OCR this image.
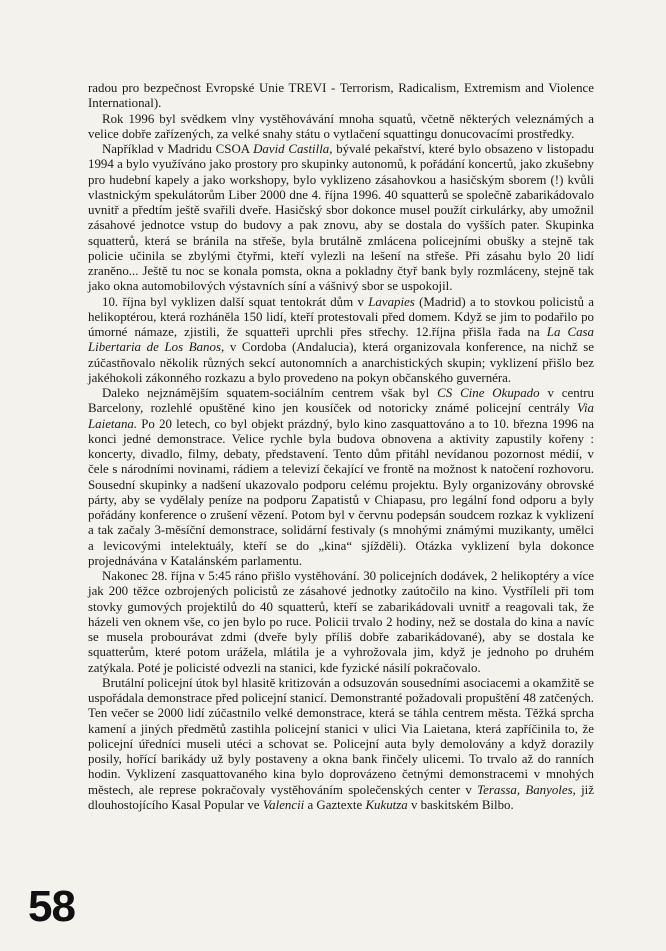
radou pro bezpečnost Evropské Unie TREVI - Terrorism, Radicalism, Extremism and Violence International).

Rok 1996 byl svědkem vlny vystěhovávání mnoha squatů, včetně některých veleznámých a velice dobře zařízených, za velké snahy státu o vytlačení squattingu donucovacími prostředky.

Například v Madridu CSOA David Castilla, bývalé pekařství, které bylo obsazeno v listopadu 1994 a bylo využíváno jako prostory pro skupinky autonomů, k pořádání koncertů, jako zkušebny pro hudební kapely a jako workshopy, bylo vyklizeno zásahovkou a hasičským sborem (!) kvůli vlastnickým spekulátorům Liber 2000 dne 4. října 1996. 40 squatterů se společně zabarikádovalo uvnitř a předtím ještě svařili dveře. Hasičský sbor dokonce musel použít cirkulárky, aby umožnil zásahové jednotce vstup do budovy a pak znovu, aby se dostala do vyšších pater. Skupinka squatterů, která se bránila na střeše, byla brutálně zmlácena policejními obušky a stejně tak policie učinila se zbylými čtyřmi, kteří vylezli na lešení na střeše. Při zásahu bylo 20 lidí zraněno... Ještě tu noc se konala pomsta, okna a pokladny čtyř bank byly rozmláceny, stejně tak jako okna automobilových výstavních síní a vášnivý sbor se uspokojil.

10. října byl vyklizen další squat tentokrát dům v Lavapies (Madrid) a to stovkou policistů a helikoptérou, která rozháněla 150 lidí, kteří protestovali před domem. Když se jim to podařilo po úmorné námaze, zjistili, že squatteři uprchli přes střechy. 12.října přišla řada na La Casa Libertaria de Los Banos, v Cordoba (Andalucia), která organizovala konference, na nichž se zúčastňovalo několik různých sekcí autonomních a anarchistických skupin; vyklizení přišlo bez jakéhokoli zákonného rozkazu a bylo provedeno na pokyn občanského guvernéra.

Daleko nejznámějším squatem-sociálním centrem však byl CS Cine Okupado v centru Barcelony, rozlehlé opuštěné kino jen kousíček od notoricky známé policejní centrály Via Laietana. Po 20 letech, co byl objekt prázdný, bylo kino zasquattováno a to 10. března 1996 na konci jedné demonstrace. Velice rychle byla budova obnovena a aktivity zapustily kořeny : koncerty, divadlo, filmy, debaty, představení. Tento dům přitáhl nevídanou pozornost médií, v čele s národními novinami, rádiem a televizí čekající ve frontě na možnost k natočení rozhovoru. Sousední skupinky a nadšení ukazovalo podporu celému projektu. Byly organizovány obrovské párty, aby se vydělaly peníze na podporu Zapatistů v Chiapasu, pro legální fond odporu a byly pořádány konference o zrušení vězení. Potom byl v červnu podepsán soudcem rozkaz k vyklizení a tak začaly 3-měsíční demonstrace, solidární festivaly (s mnohými známými muzikanty, umělci a levicovými intelektuály, kteří se do „kina“ sjížděli). Otázka vyklizení byla dokonce projednávána v Katalánském parlamentu.

Nakonec 28. října v 5:45 ráno přišlo vystěhování. 30 policejních dodávek, 2 helikoptéry a více jak 200 těžce ozbrojených policistů ze zásahové jednotky zaútočilo na kino. Vystříleli při tom stovky gumových projektilů do 40 squatterů, kteří se zabarikádovali uvnitř a reagovali tak, že házeli ven oknem vše, co jen bylo po ruce. Policii trvalo 2 hodiny, než se dostala do kina a navíc se musela probourávat zdmi (dveře byly příliš dobře zabarikádované), aby se dostala ke squatterům, které potom urážela, mlátila je a vyhrožovala jim, když je jednoho po druhém zatýkala. Poté je policisté odvezli na stanici, kde fyzické násilí pokračovalo.

Brutální policejní útok byl hlasitě kritizován a odsuzován sousedními asociacemi a okamžitě se uspořádala demonstrace před policejní stanicí. Demonstranté požadovali propuštění 48 zatčených. Ten večer se 2000 lidí zúčastnilo velké demonstrace, která se táhla centrem města. Těžká sprcha kamení a jiných předmětů zastihla policejní stanici v ulici Via Laietana, která zapříčinila to, že policejní úředníci museli utéci a schovat se. Policejní auta byly demolovány a když dorazily posily, hořící barikády už byly postaveny a okna bank řinčely ulicemi. To trvalo až do ranních hodin. Vyklizení zasquattovaného kina bylo doprovázeno četnými demonstracemi v mnohých městech, ale represe pokračovaly vystěhováním společenských center v Terassa, Banyoles, již dlouhostojícího Kasal Popular ve Valencii a Gaztexte Kukutza v baskitském Bilbo.

58
